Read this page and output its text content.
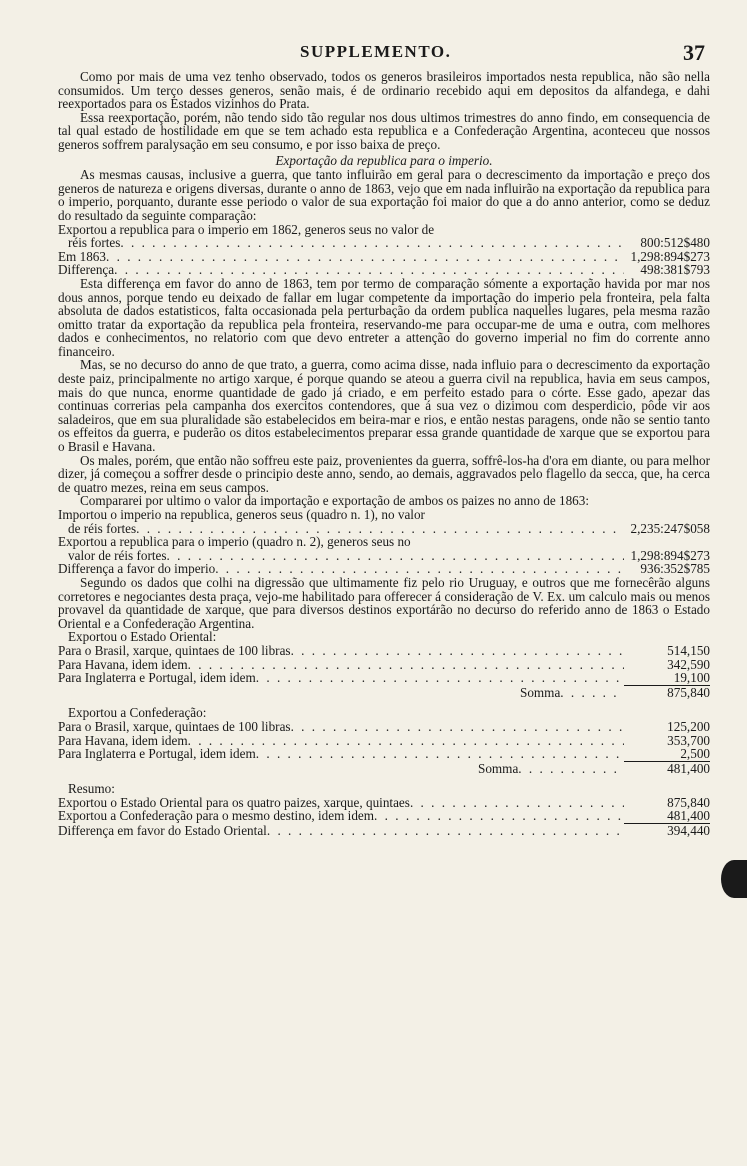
SUPPLEMENTO.	37

Como por mais de uma vez tenho observado, todos os generos brasileiros importados nesta republica, não são nella consumidos. Um terço desses generos, senão mais, é de ordinario recebido aqui em depositos da alfandega, e dahi reexportados para os Estados vizinhos do Prata.

Essa reexportação, porém, não tendo sido tão regular nos dous ultimos trimestres do anno findo, em consequencia de tal qual estado de hostilidade em que se tem achado esta republica e a Confederação Argentina, aconteceu que nossos generos soffrem paralysação em seu consumo, e por isso baixa de preço.

Exportação da republica para o imperio.

As mesmas causas, inclusive a guerra, que tanto influirão em geral para o decrescimento da importação e preço dos generos de natureza e origens diversas, durante o anno de 1863, vejo que em nada influirão na exportação da republica para o imperio, porquanto, durante esse periodo o valor de sua exportação foi maior do que a do anno anterior, como se deduz do resultado da seguinte comparação:

Exportou a republica para o imperio em 1862, generos seus no valor de

réis fortes . . .	800:512$480
Em 1863 . . .	1,298:894$273
Differença . . .	498:381$793

Esta differença em favor do anno de 1863, tem por termo de comparação sómente a exportação havida por mar nos dous annos, porque tendo eu deixado de fallar em lugar competente da importação do imperio pela fronteira, pela falta absoluta de dados estatisticos, falta occasionada pela perturbação da ordem publica naquelles lugares, pela mesma razão omitto tratar da exportação da republica pela fronteira, reservando-me para occupar-me de uma e outra, com melhores dados e conhecimentos, no relatorio com que devo entreter a attenção do governo imperial no fim do corrente anno financeiro.

Mas, se no decurso do anno de que trato, a guerra, como acima disse, nada influio para o decrescimento da exportação deste paiz, principalmente no artigo xarque, é porque quando se ateou a guerra civil na republica, havia em seus campos, mais do que nunca, enorme quantidade de gado já criado, e em perfeito estado para o córte. Esse gado, apezar das continuas correrias pela campanha dos exercitos contendores, que á sua vez o dizimou com desperdicio, pôde vir aos saladeiros, que em sua pluralidade são estabelecidos em beira-mar e rios, e então nestas paragens, onde não se sentio tanto os effeitos da guerra, e puderão os ditos estabelecimentos preparar essa grande quantidade de xarque que se exportou para o Brasil e Havana.

Os males, porém, que então não soffreu este paiz, provenientes da guerra, soffrê-los-ha d'ora em diante, ou para melhor dizer, já começou a soffrer desde o principio deste anno, sendo, ao demais, aggravados pelo flagello da secca, que, ha cerca de quatro mezes, reina em seus campos.

Compararei por ultimo o valor da importação e exportação de ambos os paizes no anno de 1863:

Importou o imperio na republica, generos seus (quadro n. 1), no valor

de réis fortes . . .	2,235:247$058

Exportou a republica para o imperio (quadro n. 2), generos seus no

valor de réis fortes . . .	1,298:894$273
Differença a favor do imperio . . .	936:352$785

Segundo os dados que colhi na digressão que ultimamente fiz pelo rio Uruguay, e outros que me fornecêrão alguns corretores e negociantes desta praça, vejo-me habilitado para offerecer á consideração de V. Ex. um calculo mais ou menos provavel da quantidade de xarque, que para diversos destinos exportárão no decurso do referido anno de 1863 o Estado Oriental e a Confederação Argentina.

Exportou o Estado Oriental:

Para o Brasil, xarque, quintaes de 100 libras . . .	514,150
Para Havana, idem idem . . .	342,590
Para Inglaterra e Portugal, idem idem . . .	19,100
Somma . . .	875,840

Exportou a Confederação:

Para o Brasil, xarque, quintaes de 100 libras . . .	125,200
Para Havana, idem idem . . .	353,700
Para Inglaterra e Portugal, idem idem . . .	2,500
Somma . . .	481,400

Resumo:

Exportou o Estado Oriental para os quatro paizes, xarque, quintaes . . .	875,840
Exportou a Confederação para o mesmo destino, idem idem . . .	481,400
Differença em favor do Estado Oriental . . .	394,440
